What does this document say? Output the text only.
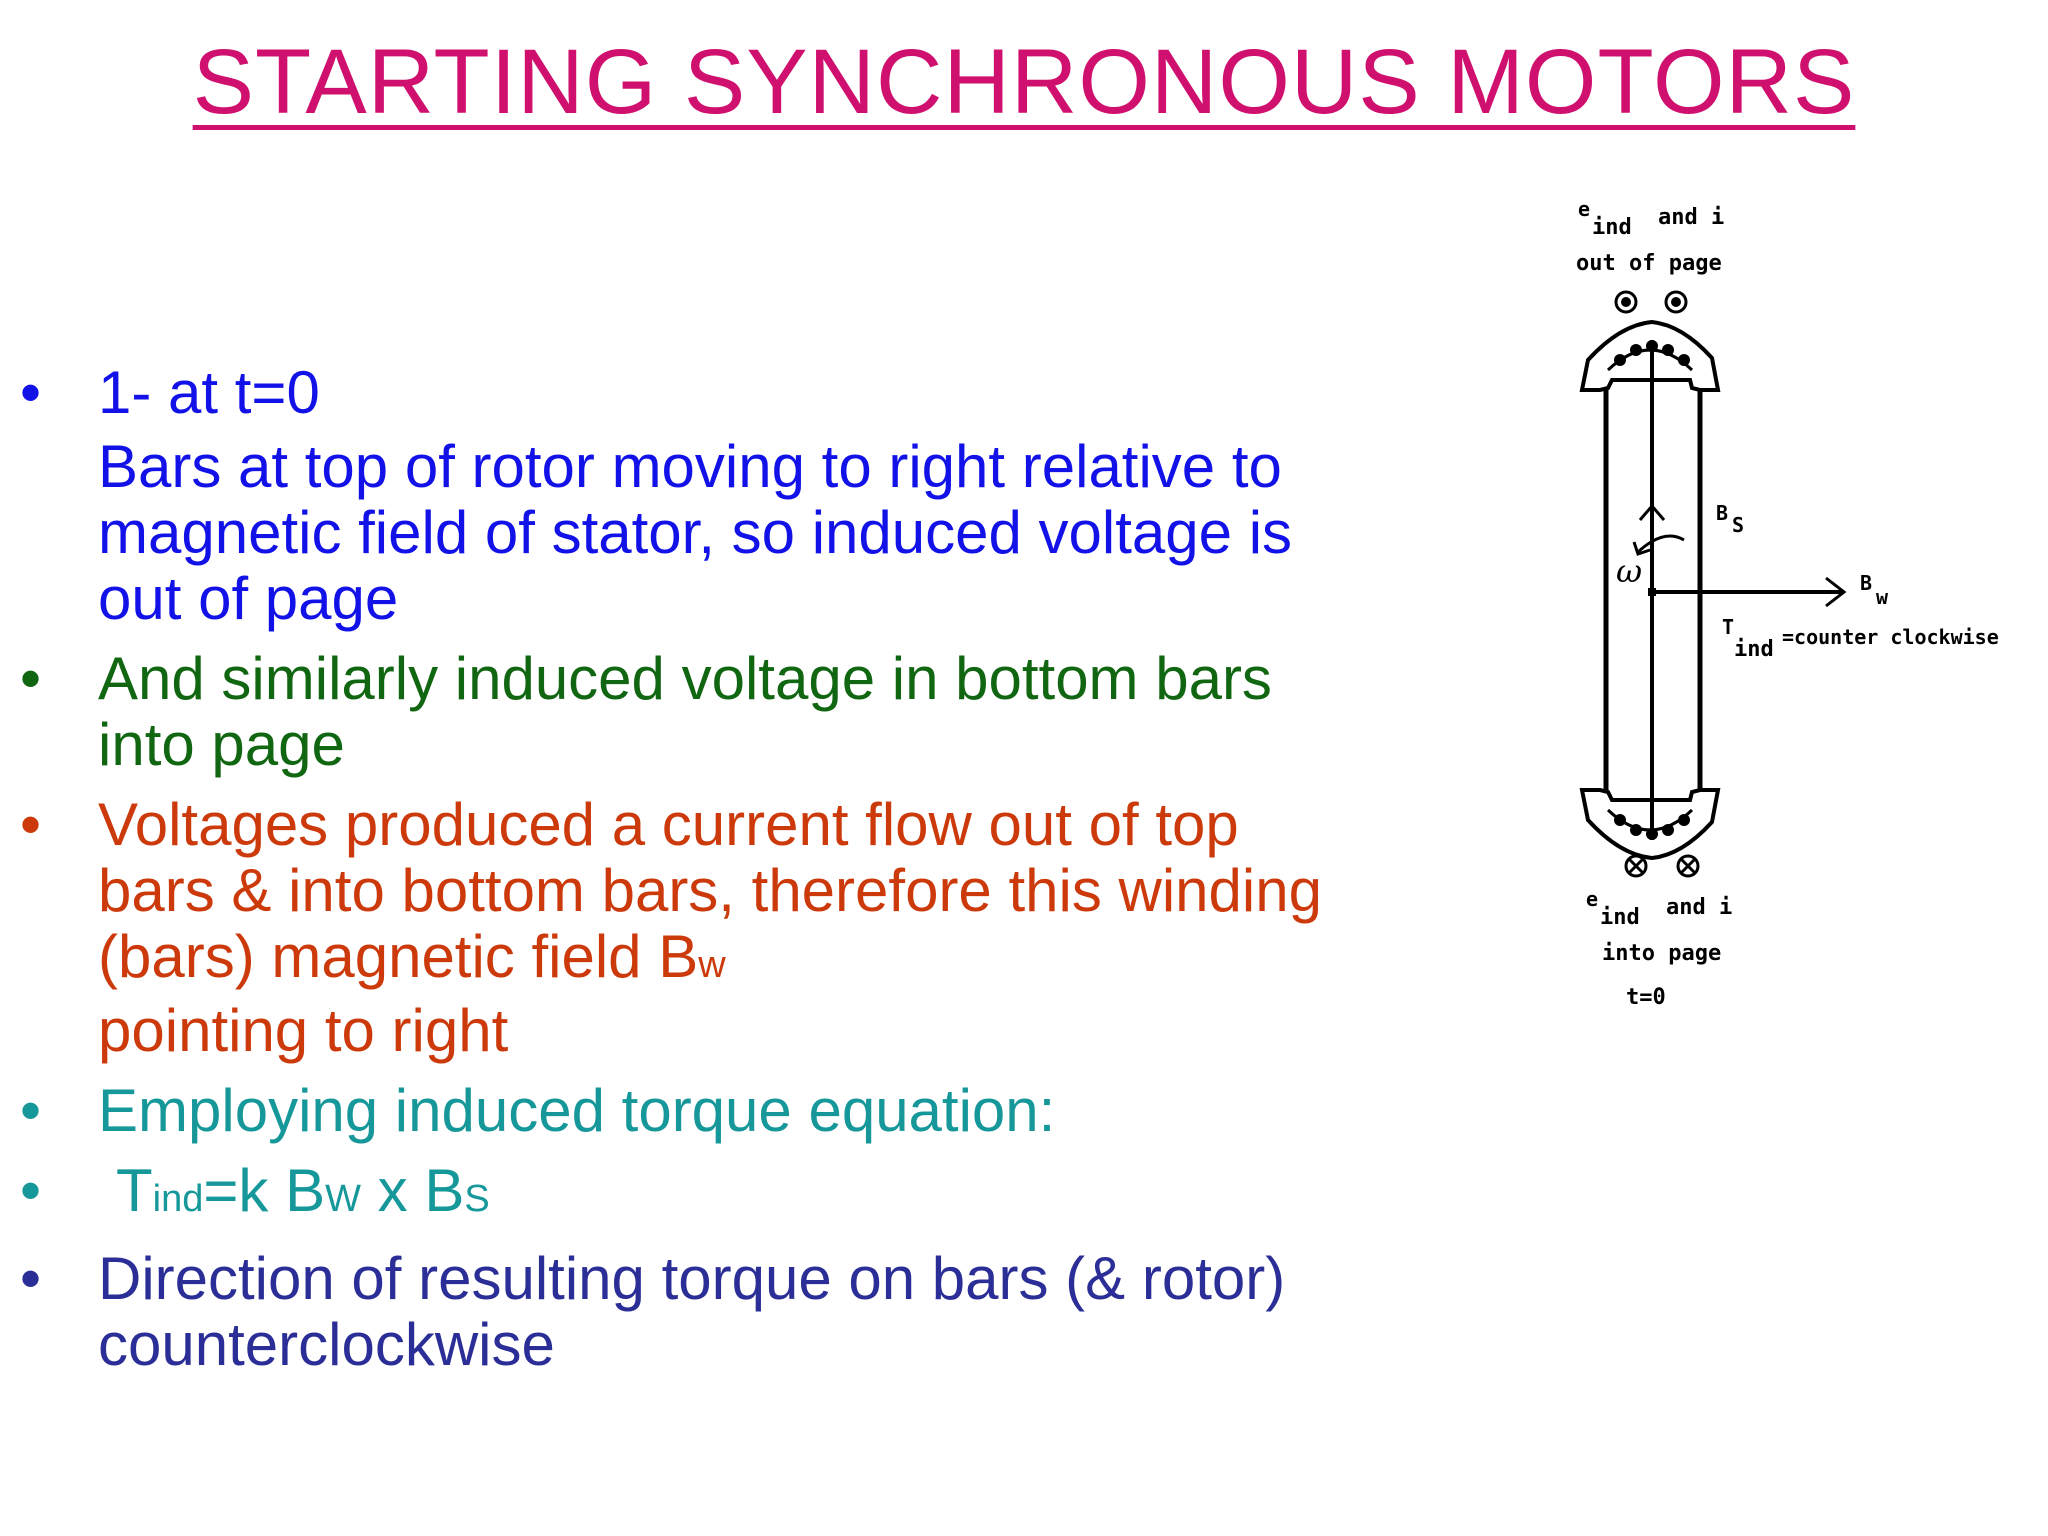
STARTING SYNCHRONOUS MOTORS
• 1- at t=0
Bars at top of rotor moving to right relative to magnetic field of stator, so induced voltage is out of page
• And similarly induced voltage in bottom bars into page
• Voltages produced a current flow out of top bars & into bottom bars, therefore this winding (bars) magnetic field Bw
pointing to right
• Employing induced torque equation:
•	Tind=k BW x BS
• Direction of resulting torque on bars (& rotor) counterclockwise
e
ind and i
out of page
B S
ω	B
w
T
ind =counter clockwise
e
ind and i
into page
t=0
